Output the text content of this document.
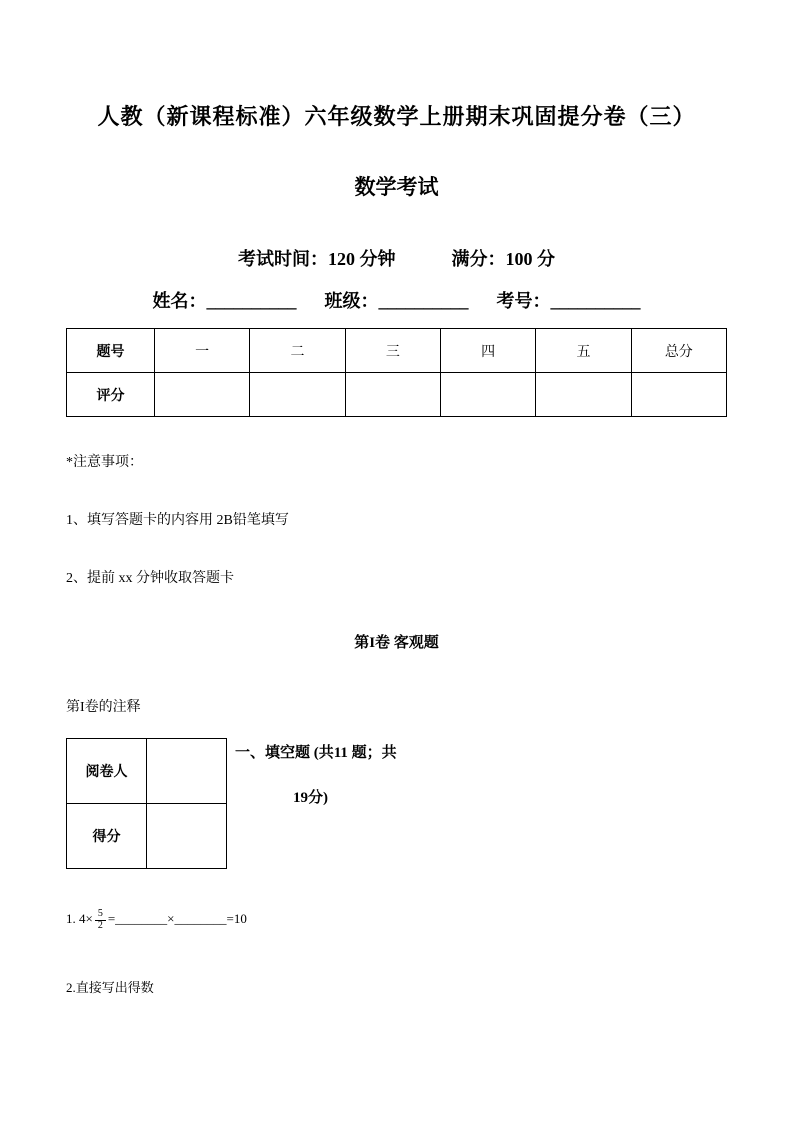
人教（新课程标准）六年级数学上册期末巩固提分卷（三）
数学考试
考试时间：120 分钟	满分：100 分
姓名：__________ 班级：__________ 考号：__________
题号	一	二	三	四	五	总分
评分						
*注意事项：
1、填写答题卡的内容用 2B铅笔填写
2、提前 xx 分钟收取答题卡
第I卷 客观题
第I卷的注释
阅卷人	
得分	
一、填空题 (共11 题；共
19分)
1. $4\times \frac{5}{2}$ =________×________=10
2.直接写出得数
